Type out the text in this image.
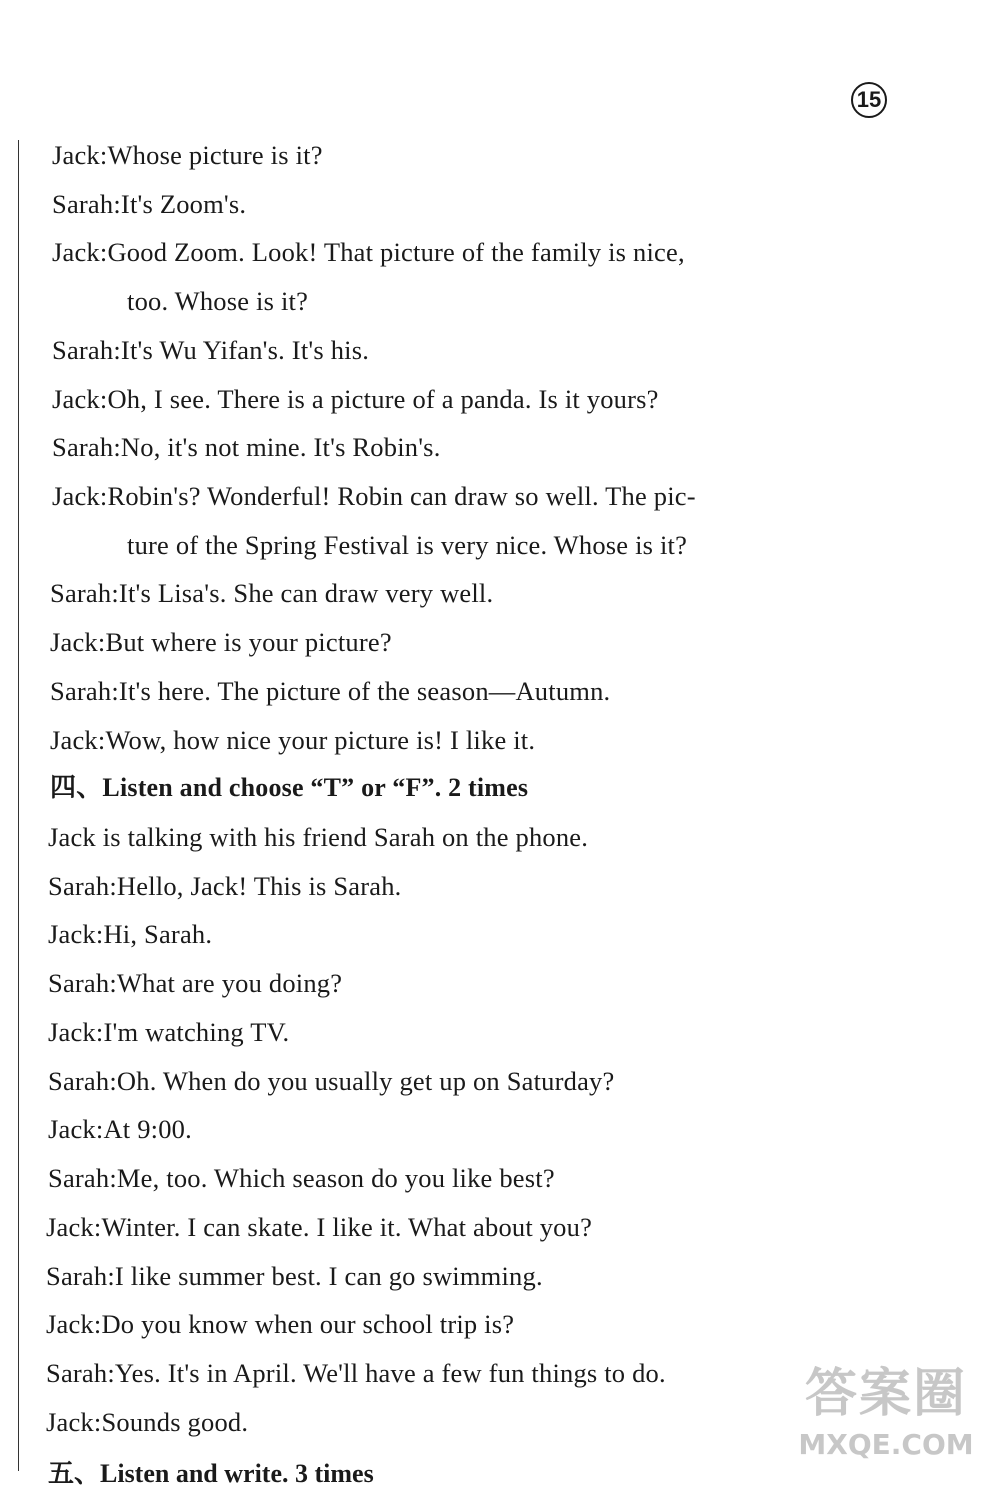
15
Jack : Whose picture is it?
Sarah : It's Zoom's.
Jack : Good Zoom. Look! That picture of the family is nice,
too. Whose is it?
Sarah : It's Wu Yifan's. It's his.
Jack : Oh, I see. There is a picture of a panda. Is it yours?
Sarah : No, it's not mine. It's Robin's.
Jack : Robin's? Wonderful! Robin can draw so well. The pic-
ture of the Spring Festival is very nice. Whose is it?
Sarah : It's Lisa's. She can draw very well.
Jack : But where is your picture?
Sarah : It's here. The picture of the season—Autumn.
Jack : Wow, how nice your picture is! I like it.
四、Listen and choose “T” or “F”. 2 times
Jack is talking with his friend Sarah on the phone.
Sarah : Hello, Jack! This is Sarah.
Jack : Hi, Sarah.
Sarah : What are you doing?
Jack : I'm watching TV.
Sarah : Oh. When do you usually get up on Saturday?
Jack : At 9:00.
Sarah : Me, too. Which season do you like best?
Jack : Winter. I can skate. I like it. What about you?
Sarah : I like summer best. I can go swimming.
Jack : Do you know when our school trip is?
Sarah : Yes. It's in April. We'll have a few fun things to do.
Jack : Sounds good.
五、Listen and write. 3 times
答案圈
MXQE.COM
